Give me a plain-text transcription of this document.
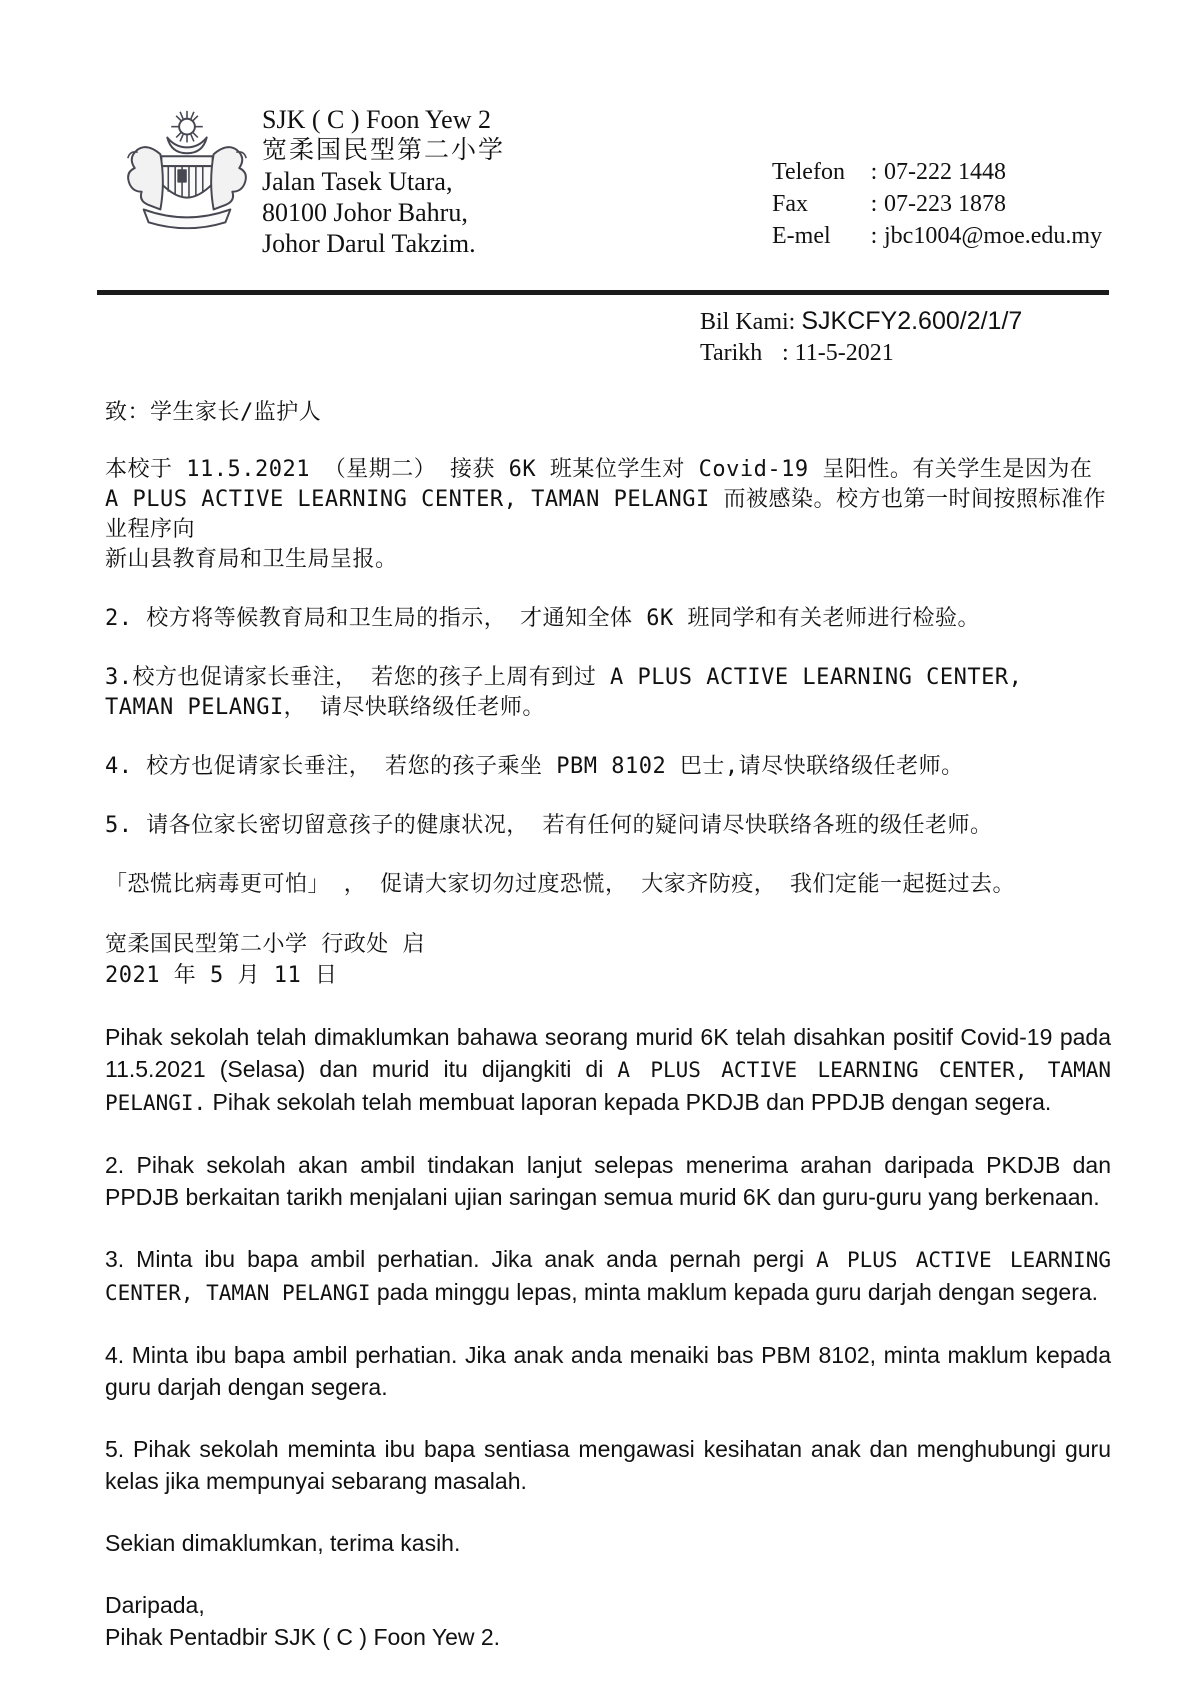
SJK ( C ) Foon Yew 2
宽柔国民型第二小学
Jalan Tasek Utara,
80100 Johor Bahru,
Johor Darul Takzim.
Telefon : 07-222 1448
Fax	: 07-223 1878
E-mel : jbc1004@moe.edu.my
Bil Kami: SJKCFY2.600/2/1/7
Tarikh : 11-5-2021
致：学生家长/监护人
本校于 11.5.2021 （星期二） 接获 6K 班某位学生对 Covid-19 呈阳性。有关学生是因为在
A PLUS ACTIVE LEARNING CENTER, TAMAN PELANGI 而被感染。校方也第一时间按照标准作业程序向
新山县教育局和卫生局呈报。
2. 校方将等候教育局和卫生局的指示， 才通知全体 6K 班同学和有关老师进行检验。
3.校方也促请家长垂注， 若您的孩子上周有到过 A PLUS ACTIVE LEARNING CENTER,
TAMAN PELANGI， 请尽快联络级任老师。
4. 校方也促请家长垂注， 若您的孩子乘坐 PBM 8102 巴士,请尽快联络级任老师。
5. 请各位家长密切留意孩子的健康状况， 若有任何的疑问请尽快联络各班的级任老师。
「恐慌比病毒更可怕」 ， 促请大家切勿过度恐慌， 大家齐防疫， 我们定能一起挺过去。
宽柔国民型第二小学 行政处 启
2021 年 5 月 11 日

Pihak sekolah telah dimaklumkan bahawa seorang murid 6K telah disahkan positif Covid-19 pada 11.5.2021 (Selasa) dan murid itu dijangkiti di A PLUS ACTIVE LEARNING CENTER, TAMAN PELANGI. Pihak sekolah telah membuat laporan kepada PKDJB dan PPDJB dengan segera.

2. Pihak sekolah akan ambil tindakan lanjut selepas menerima arahan daripada PKDJB dan PPDJB berkaitan tarikh menjalani ujian saringan semua murid 6K dan guru-guru yang berkenaan.

3. Minta ibu bapa ambil perhatian. Jika anak anda pernah pergi A PLUS ACTIVE LEARNING CENTER, TAMAN PELANGI pada minggu lepas, minta maklum kepada guru darjah dengan segera.

4. Minta ibu bapa ambil perhatian. Jika anak anda menaiki bas PBM 8102, minta maklum kepada guru darjah dengan segera.

5. Pihak sekolah meminta ibu bapa sentiasa mengawasi kesihatan anak dan menghubungi guru kelas jika mempunyai sebarang masalah.

Sekian dimaklumkan, terima kasih.

Daripada,
Pihak Pentadbir SJK ( C ) Foon Yew 2.
